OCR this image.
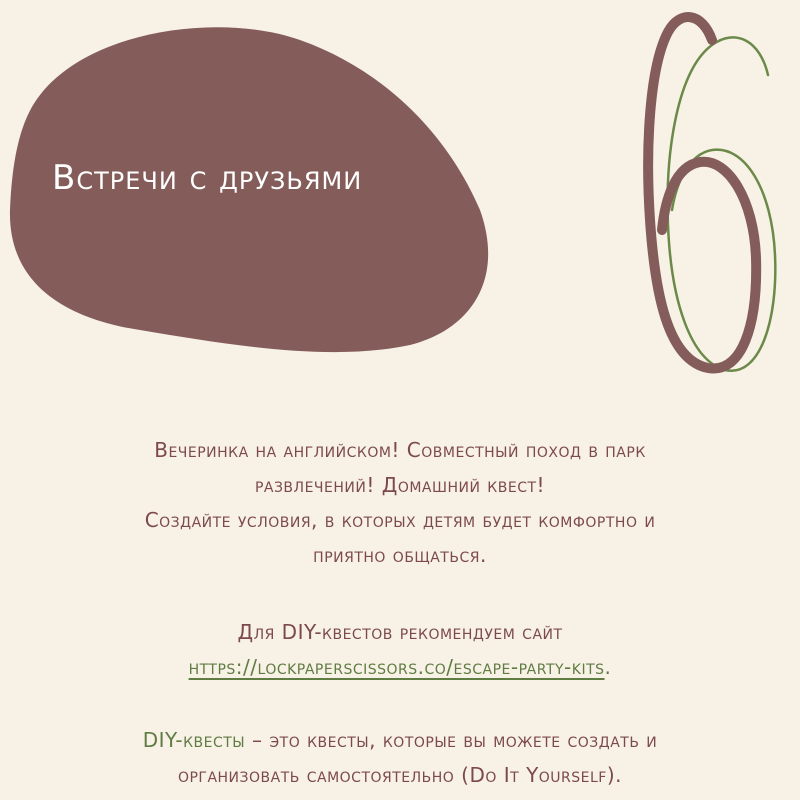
Встречи с друзьями
Вечеринка на английском! Совместный поход в парк
развлечений! Домашний квест!
Создайте условия, в которых детям будет комфортно и
приятно общаться.
Для DIY-квестов рекомендуем сайт
https://lockpaperscissors.co/escape-party-kits.
DIY-квесты – это квесты, которые вы можете создать и
организовать самостоятельно (Do It Yourself).
